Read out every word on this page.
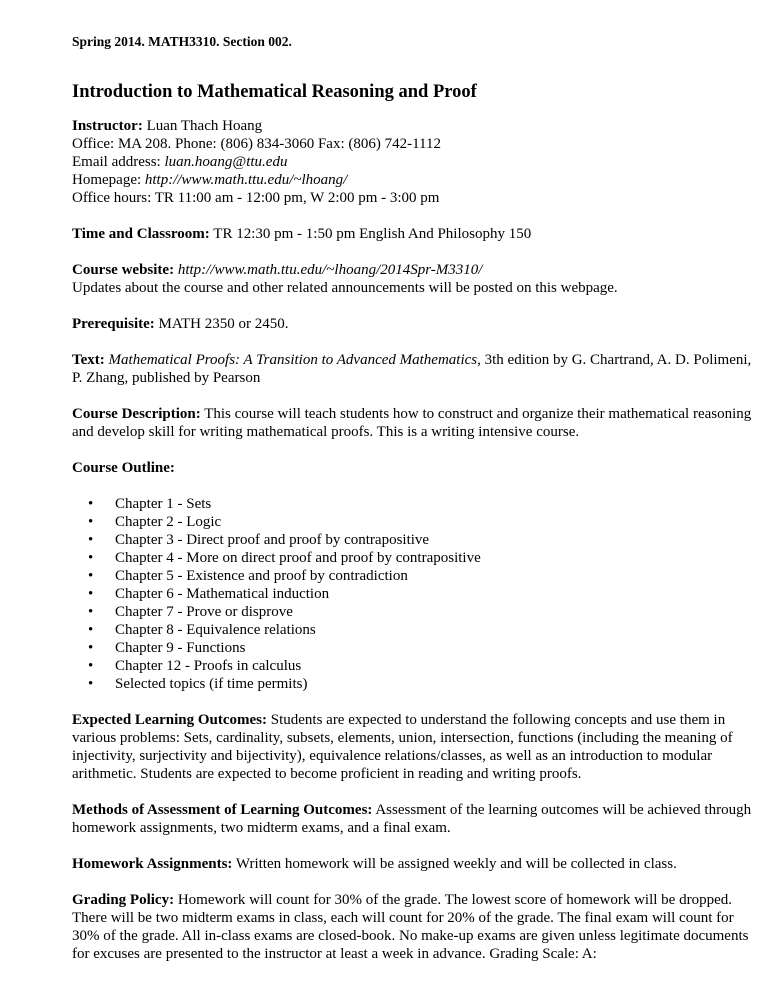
Spring 2014. MATH3310. Section 002.
Introduction to Mathematical Reasoning and Proof
Instructor: Luan Thach Hoang
Office: MA 208. Phone: (806) 834-3060 Fax: (806) 742-1112
Email address: luan.hoang@ttu.edu
Homepage: http://www.math.ttu.edu/~lhoang/
Office hours: TR 11:00 am - 12:00 pm, W 2:00 pm - 3:00 pm
Time and Classroom: TR 12:30 pm - 1:50 pm English And Philosophy 150
Course website: http://www.math.ttu.edu/~lhoang/2014Spr-M3310/
Updates about the course and other related announcements will be posted on this webpage.
Prerequisite: MATH 2350 or 2450.
Text: Mathematical Proofs: A Transition to Advanced Mathematics, 3th edition by G. Chartrand, A. D. Polimeni, P. Zhang, published by Pearson
Course Description: This course will teach students how to construct and organize their mathematical reasoning and develop skill for writing mathematical proofs. This is a writing intensive course.
Course Outline:
• Chapter 1 - Sets
• Chapter 2 - Logic
• Chapter 3 - Direct proof and proof by contrapositive
• Chapter 4 - More on direct proof and proof by contrapositive
• Chapter 5 - Existence and proof by contradiction
• Chapter 6 - Mathematical induction
• Chapter 7 - Prove or disprove
• Chapter 8 - Equivalence relations
• Chapter 9 - Functions
• Chapter 12 - Proofs in calculus
• Selected topics (if time permits)
Expected Learning Outcomes: Students are expected to understand the following concepts and use them in various problems: Sets, cardinality, subsets, elements, union, intersection, functions (including the meaning of injectivity, surjectivity and bijectivity), equivalence relations/classes, as well as an introduction to modular arithmetic. Students are expected to become proficient in reading and writing proofs.
Methods of Assessment of Learning Outcomes: Assessment of the learning outcomes will be achieved through homework assignments, two midterm exams, and a final exam.
Homework Assignments: Written homework will be assigned weekly and will be collected in class.
Grading Policy: Homework will count for 30% of the grade. The lowest score of homework will be dropped. There will be two midterm exams in class, each will count for 20% of the grade. The final exam will count for 30% of the grade. All in-class exams are closed-book. No make-up exams are given unless legitimate documents for excuses are presented to the instructor at least a week in advance. Grading Scale: A:
